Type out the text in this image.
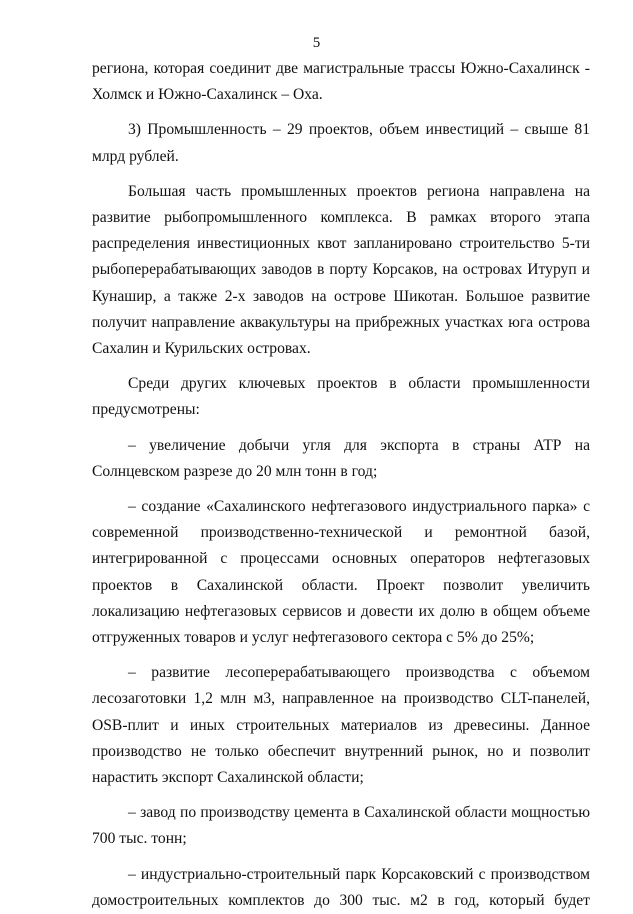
5

региона, которая соединит две магистральные трассы Южно-Сахалинск - Холмск и Южно-Сахалинск – Оха.

3) Промышленность – 29 проектов, объем инвестиций – свыше 81 млрд рублей.

Большая часть промышленных проектов региона направлена на развитие рыбопромышленного комплекса. В рамках второго этапа распределения инвестиционных квот запланировано строительство 5-ти рыбоперерабатывающих заводов в порту Корсаков, на островах Итуруп и Кунашир, а также 2-х заводов на острове Шикотан. Большое развитие получит направление аквакультуры на прибрежных участках юга острова Сахалин и Курильских островах.

Среди других ключевых проектов в области промышленности предусмотрены:

– увеличение добычи угля для экспорта в страны АТР на Солнцевском разрезе до 20 млн тонн в год;

– создание «Сахалинского нефтегазового индустриального парка» с современной производственно-технической и ремонтной базой, интегрированной с процессами основных операторов нефтегазовых проектов в Сахалинской области. Проект позволит увеличить локализацию нефтегазовых сервисов и довести их долю в общем объеме отгруженных товаров и услуг нефтегазового сектора с 5% до 25%;

– развитие лесоперерабатывающего производства с объемом лесозаготовки 1,2 млн м3, направленное на производство CLT-панелей, OSB-плит и иных строительных материалов из древесины. Данное производство не только обеспечит внутренний рынок, но и позволит нарастить экспорт Сахалинской области;

– завод по производству цемента в Сахалинской области мощностью 700 тыс. тонн;

– индустриально-строительный парк Корсаковский с производством домостроительных комплектов до 300 тыс. м2 в год, который будет
